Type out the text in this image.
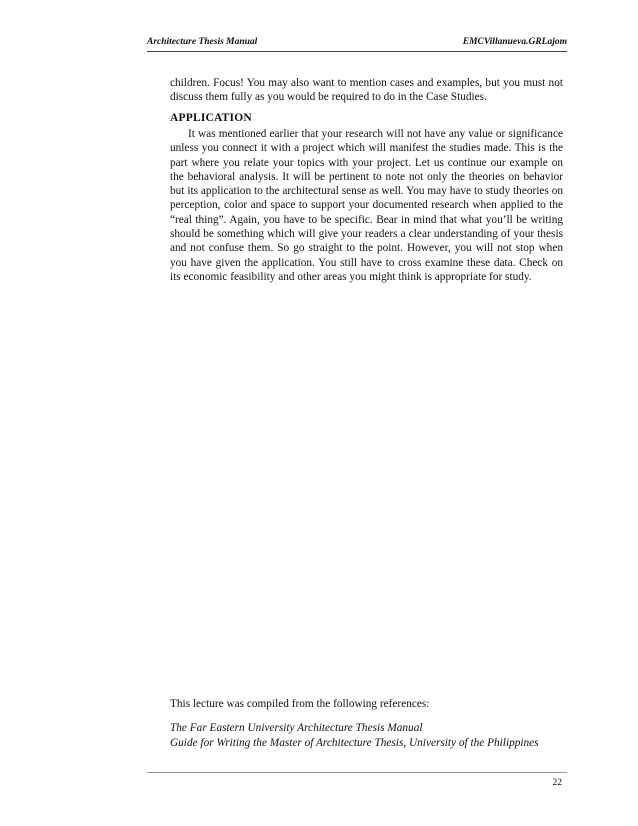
Architecture Thesis Manual	EMCVillanueva.GRLajom
children. Focus! You may also want to mention cases and examples, but you must not discuss them fully as you would be required to do in the Case Studies.
APPLICATION
It was mentioned earlier that your research will not have any value or significance unless you connect it with a project which will manifest the studies made. This is the part where you relate your topics with your project. Let us continue our example on the behavioral analysis. It will be pertinent to note not only the theories on behavior but its application to the architectural sense as well. You may have to study theories on perception, color and space to support your documented research when applied to the “real thing”. Again, you have to be specific. Bear in mind that what you’ll be writing should be something which will give your readers a clear understanding of your thesis and not confuse them. So go straight to the point. However, you will not stop when you have given the application. You still have to cross examine these data. Check on its economic feasibility and other areas you might think is appropriate for study.
This lecture was compiled from the following references:
The Far Eastern University Architecture Thesis Manual
Guide for Writing the Master of Architecture Thesis, University of the Philippines
22
